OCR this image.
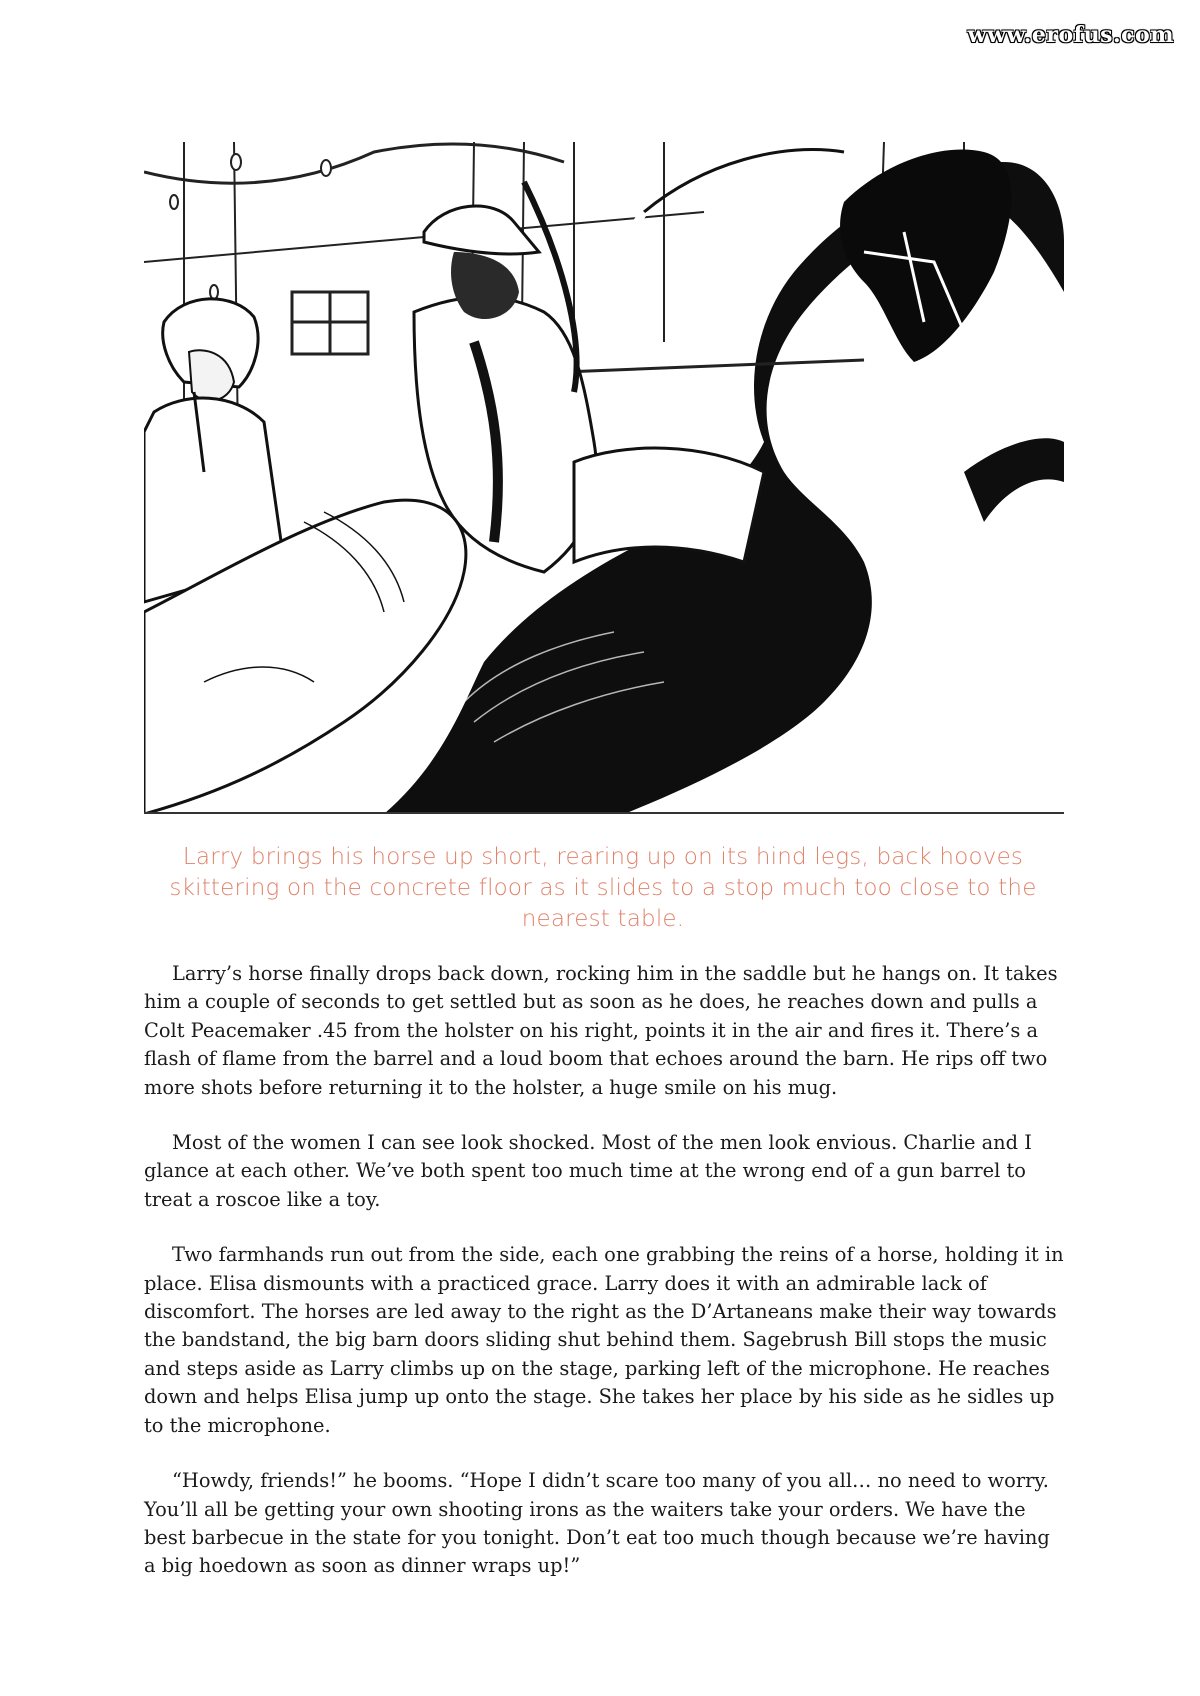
www.erofus.com
Larry brings his horse up short, rearing up on its hind legs, back hooves skittering on the concrete floor as it slides to a stop much too close to the nearest table.

Larry’s horse finally drops back down, rocking him in the saddle but he hangs on. It takes him a couple of seconds to get settled but as soon as he does, he reaches down and pulls a Colt Peacemaker .45 from the holster on his right, points it in the air and fires it. There’s a flash of flame from the barrel and a loud boom that echoes around the barn. He rips off two more shots before returning it to the holster, a huge smile on his mug.

Most of the women I can see look shocked. Most of the men look envious. Charlie and I glance at each other. We’ve both spent too much time at the wrong end of a gun barrel to treat a roscoe like a toy.

Two farmhands run out from the side, each one grabbing the reins of a horse, holding it in place. Elisa dismounts with a practiced grace. Larry does it with an admirable lack of discomfort. The horses are led away to the right as the D’Artaneans make their way towards the bandstand, the big barn doors sliding shut behind them. Sagebrush Bill stops the music and steps aside as Larry climbs up on the stage, parking left of the microphone. He reaches down and helps Elisa jump up onto the stage. She takes her place by his side as he sidles up to the microphone.

“Howdy, friends!” he booms. “Hope I didn’t scare too many of you all… no need to worry. You’ll all be getting your own shooting irons as the waiters take your orders. We have the best barbecue in the state for you tonight. Don’t eat too much though because we’re having a big hoedown as soon as dinner wraps up!”
